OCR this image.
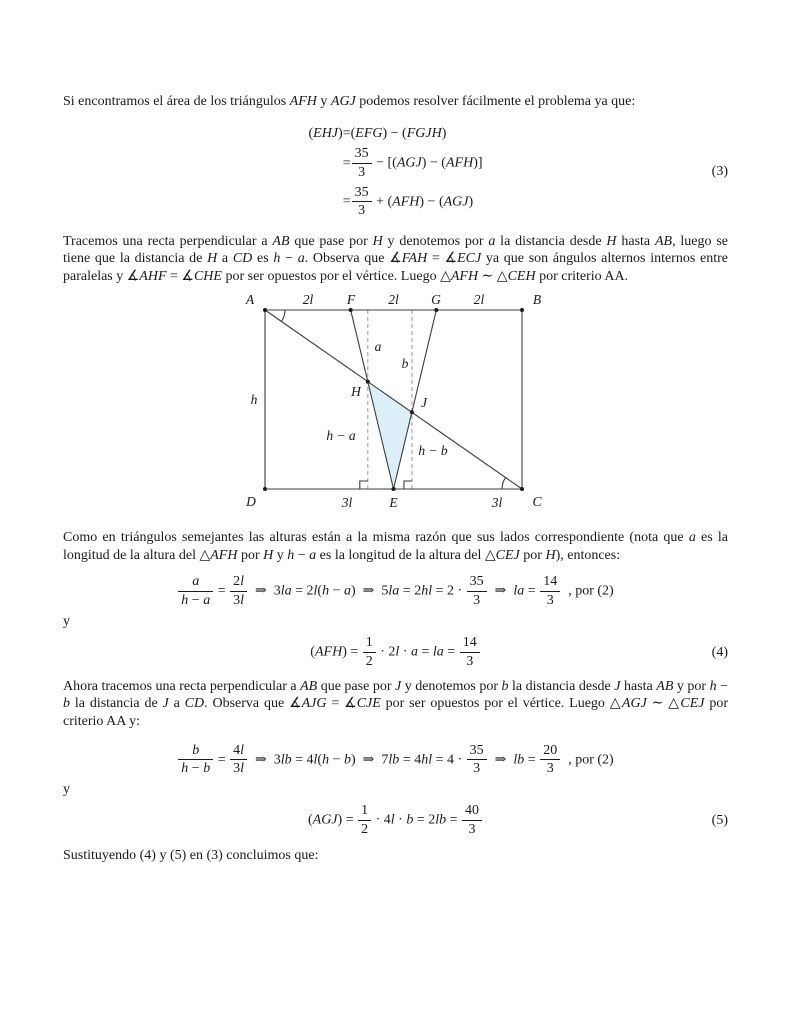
Si encontramos el área de los triángulos AFH y AGJ podemos resolver fácilmente el problema ya que:

(EHJ)	=	(EFG) − (FGJH)
	=	$\frac{35}{3} - [(AGJ) - (AFH)]$
	=	$\frac{35}{3} + (AFH) - (AGJ)$
(3)

Tracemos una recta perpendicular a AB que pase por H y denotemos por a la distancia desde H hasta AB, luego se tiene que la distancia de H a CD es h − a. Observa que ∡FAH = ∡ECJ ya que son ángulos alternos internos entre paralelas y ∡AHF = ∡CHE por ser opuestos por el vértice. Luego △AFH ∼ △CEH por criterio AA.

A	2l F 2l G 2l	B
h
a
b
H
J
h − a
h − b
D	3l	E	3l C

Como en triángulos semejantes las alturas están a la misma razón que sus lados correspondiente (nota que a es la longitud de la altura del △AFH por H y h − a es la longitud de la altura del △CEJ por H), entonces:

$\frac{a}{h - a} = \frac{2l}{3l}$  ⇒ 3la = 2l(h − a) ⇒ $5la = 2hl = 2 \cdot \frac{35}{3}$  ⇒ la = $\frac{14}{3}$  , por (2)

y

$(AFH) = \frac{1}{2} \cdot 2l \cdot a$ = la = $\frac{14}{3}$	(4)

Ahora tracemos una recta perpendicular a AB que pase por J y denotemos por b la distancia desde J hasta AB y por h − b la distancia de J a CD. Observa que ∡AJG = ∡CJE por ser opuestos por el vértice. Luego △AGJ ∼ △CEJ por criterio AA y:

$\frac{b}{h - b} = \frac{4l}{3l}$  ⇒ 3lb = 4l(h − b) ⇒ $7lb = 4hl = 4 \cdot \frac{35}{3}$  ⇒ lb = $\frac{20}{3}$  , por (2)

y

$(AGJ) = \frac{1}{2} \cdot 4l \cdot b = 2lb = \frac{40}{3}$	(5)

Sustituyendo (4) y (5) en (3) concluimos que:
